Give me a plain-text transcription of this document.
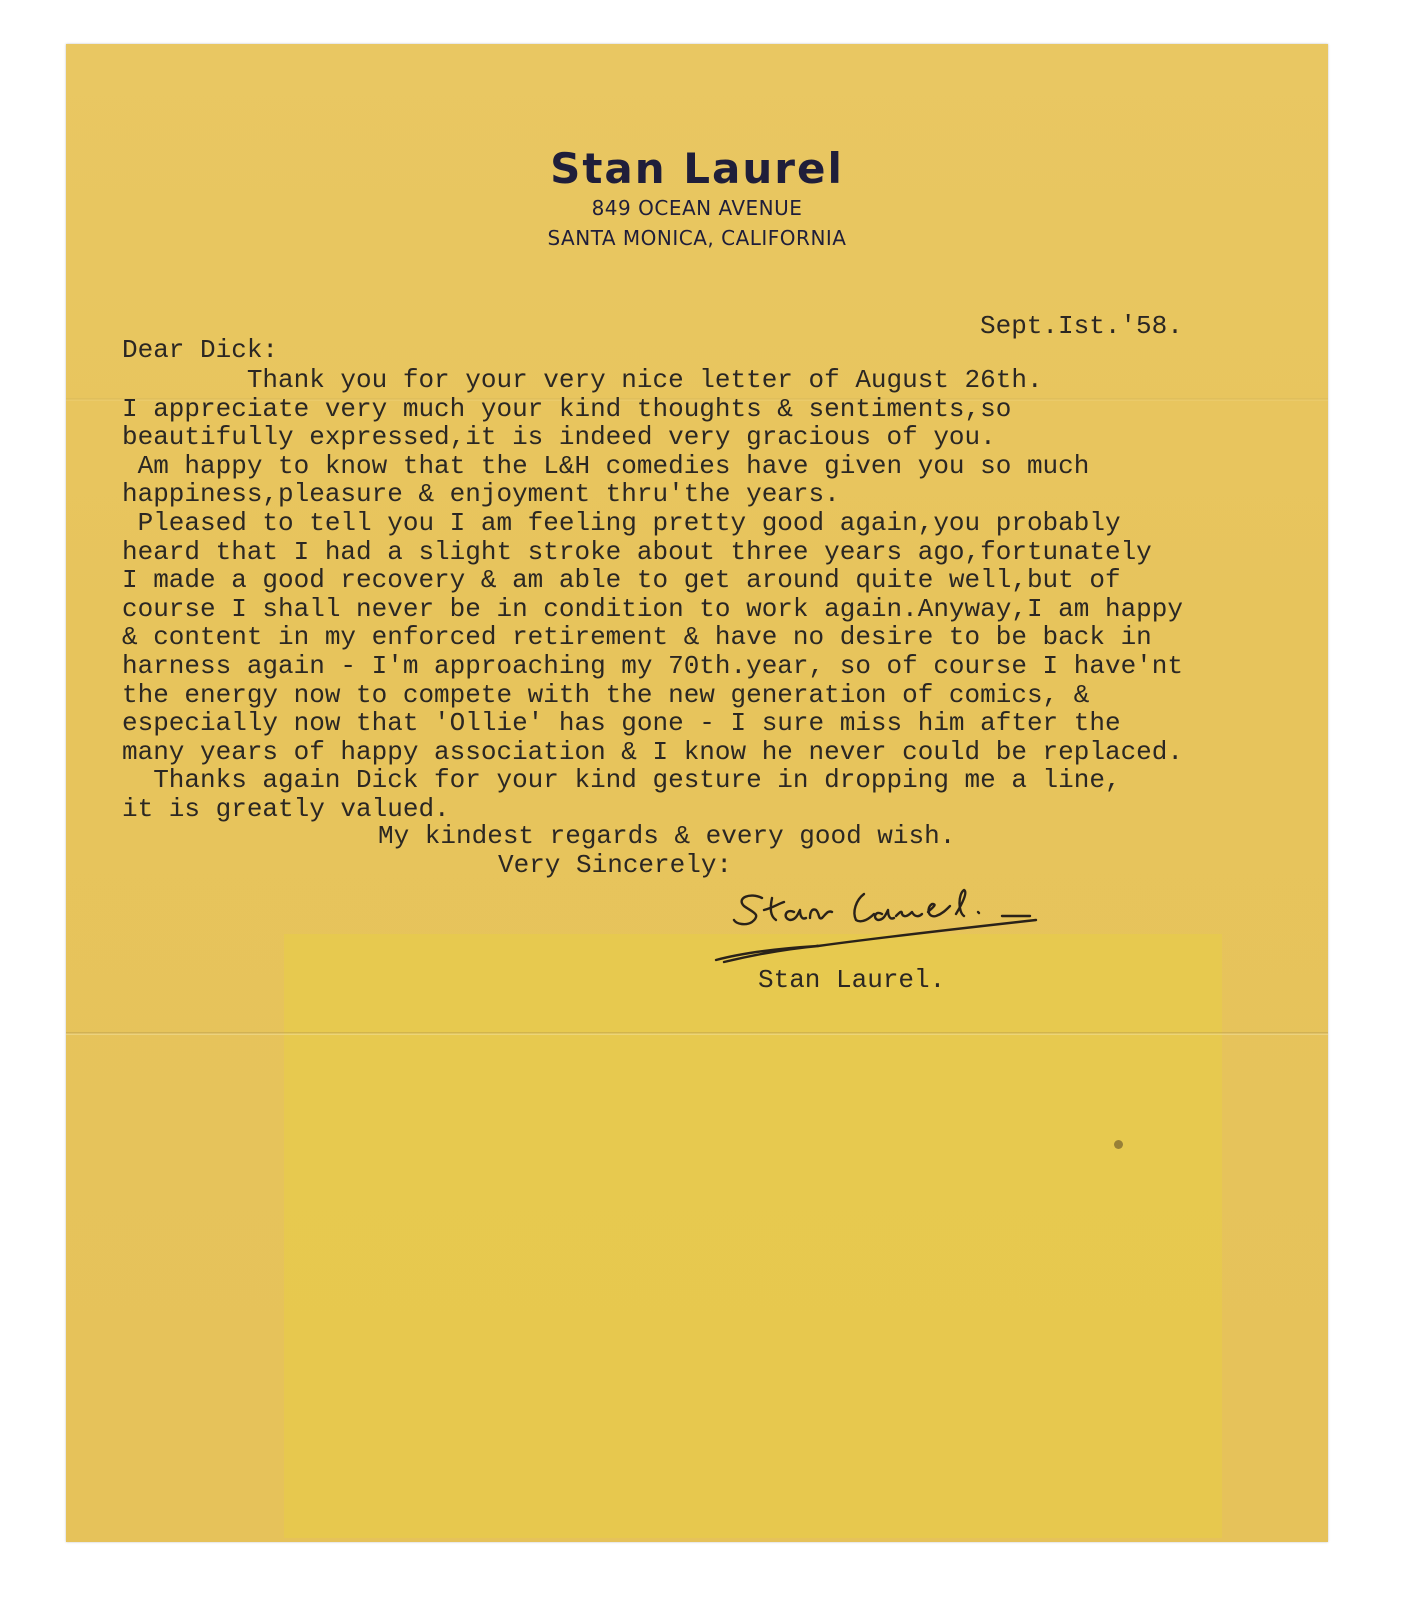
Stan Laurel
849 OCEAN AVENUE
SANTA MONICA, CALIFORNIA
Sept.Ist.'58.
Dear Dick:
Thank you for your very nice letter of August 26th.
I appreciate very much your kind thoughts & sentiments,so
beautifully expressed,it is indeed very gracious of you.
Am happy to know that the L&H comedies have given you so much
happiness,pleasure & enjoyment thru'the years.
Pleased to tell you I am feeling pretty good again,you probably
heard that I had a slight stroke about three years ago,fortunately
I made a good recovery & am able to get around quite well,but of
course I shall never be in condition to work again.Anyway,I am happy
& content in my enforced retirement & have no desire to be back in
harness again - I'm approaching my 70th.year, so of course I have'nt
the energy now to compete with the new generation of comics, &
especially now that 'Ollie' has gone - I sure miss him after the
many years of happy association & I know he never could be replaced.
Thanks again Dick for your kind gesture in dropping me a line,
it is greatly valued.
My kindest regards & every good wish.
Very Sincerely:
Stan Laurel.
